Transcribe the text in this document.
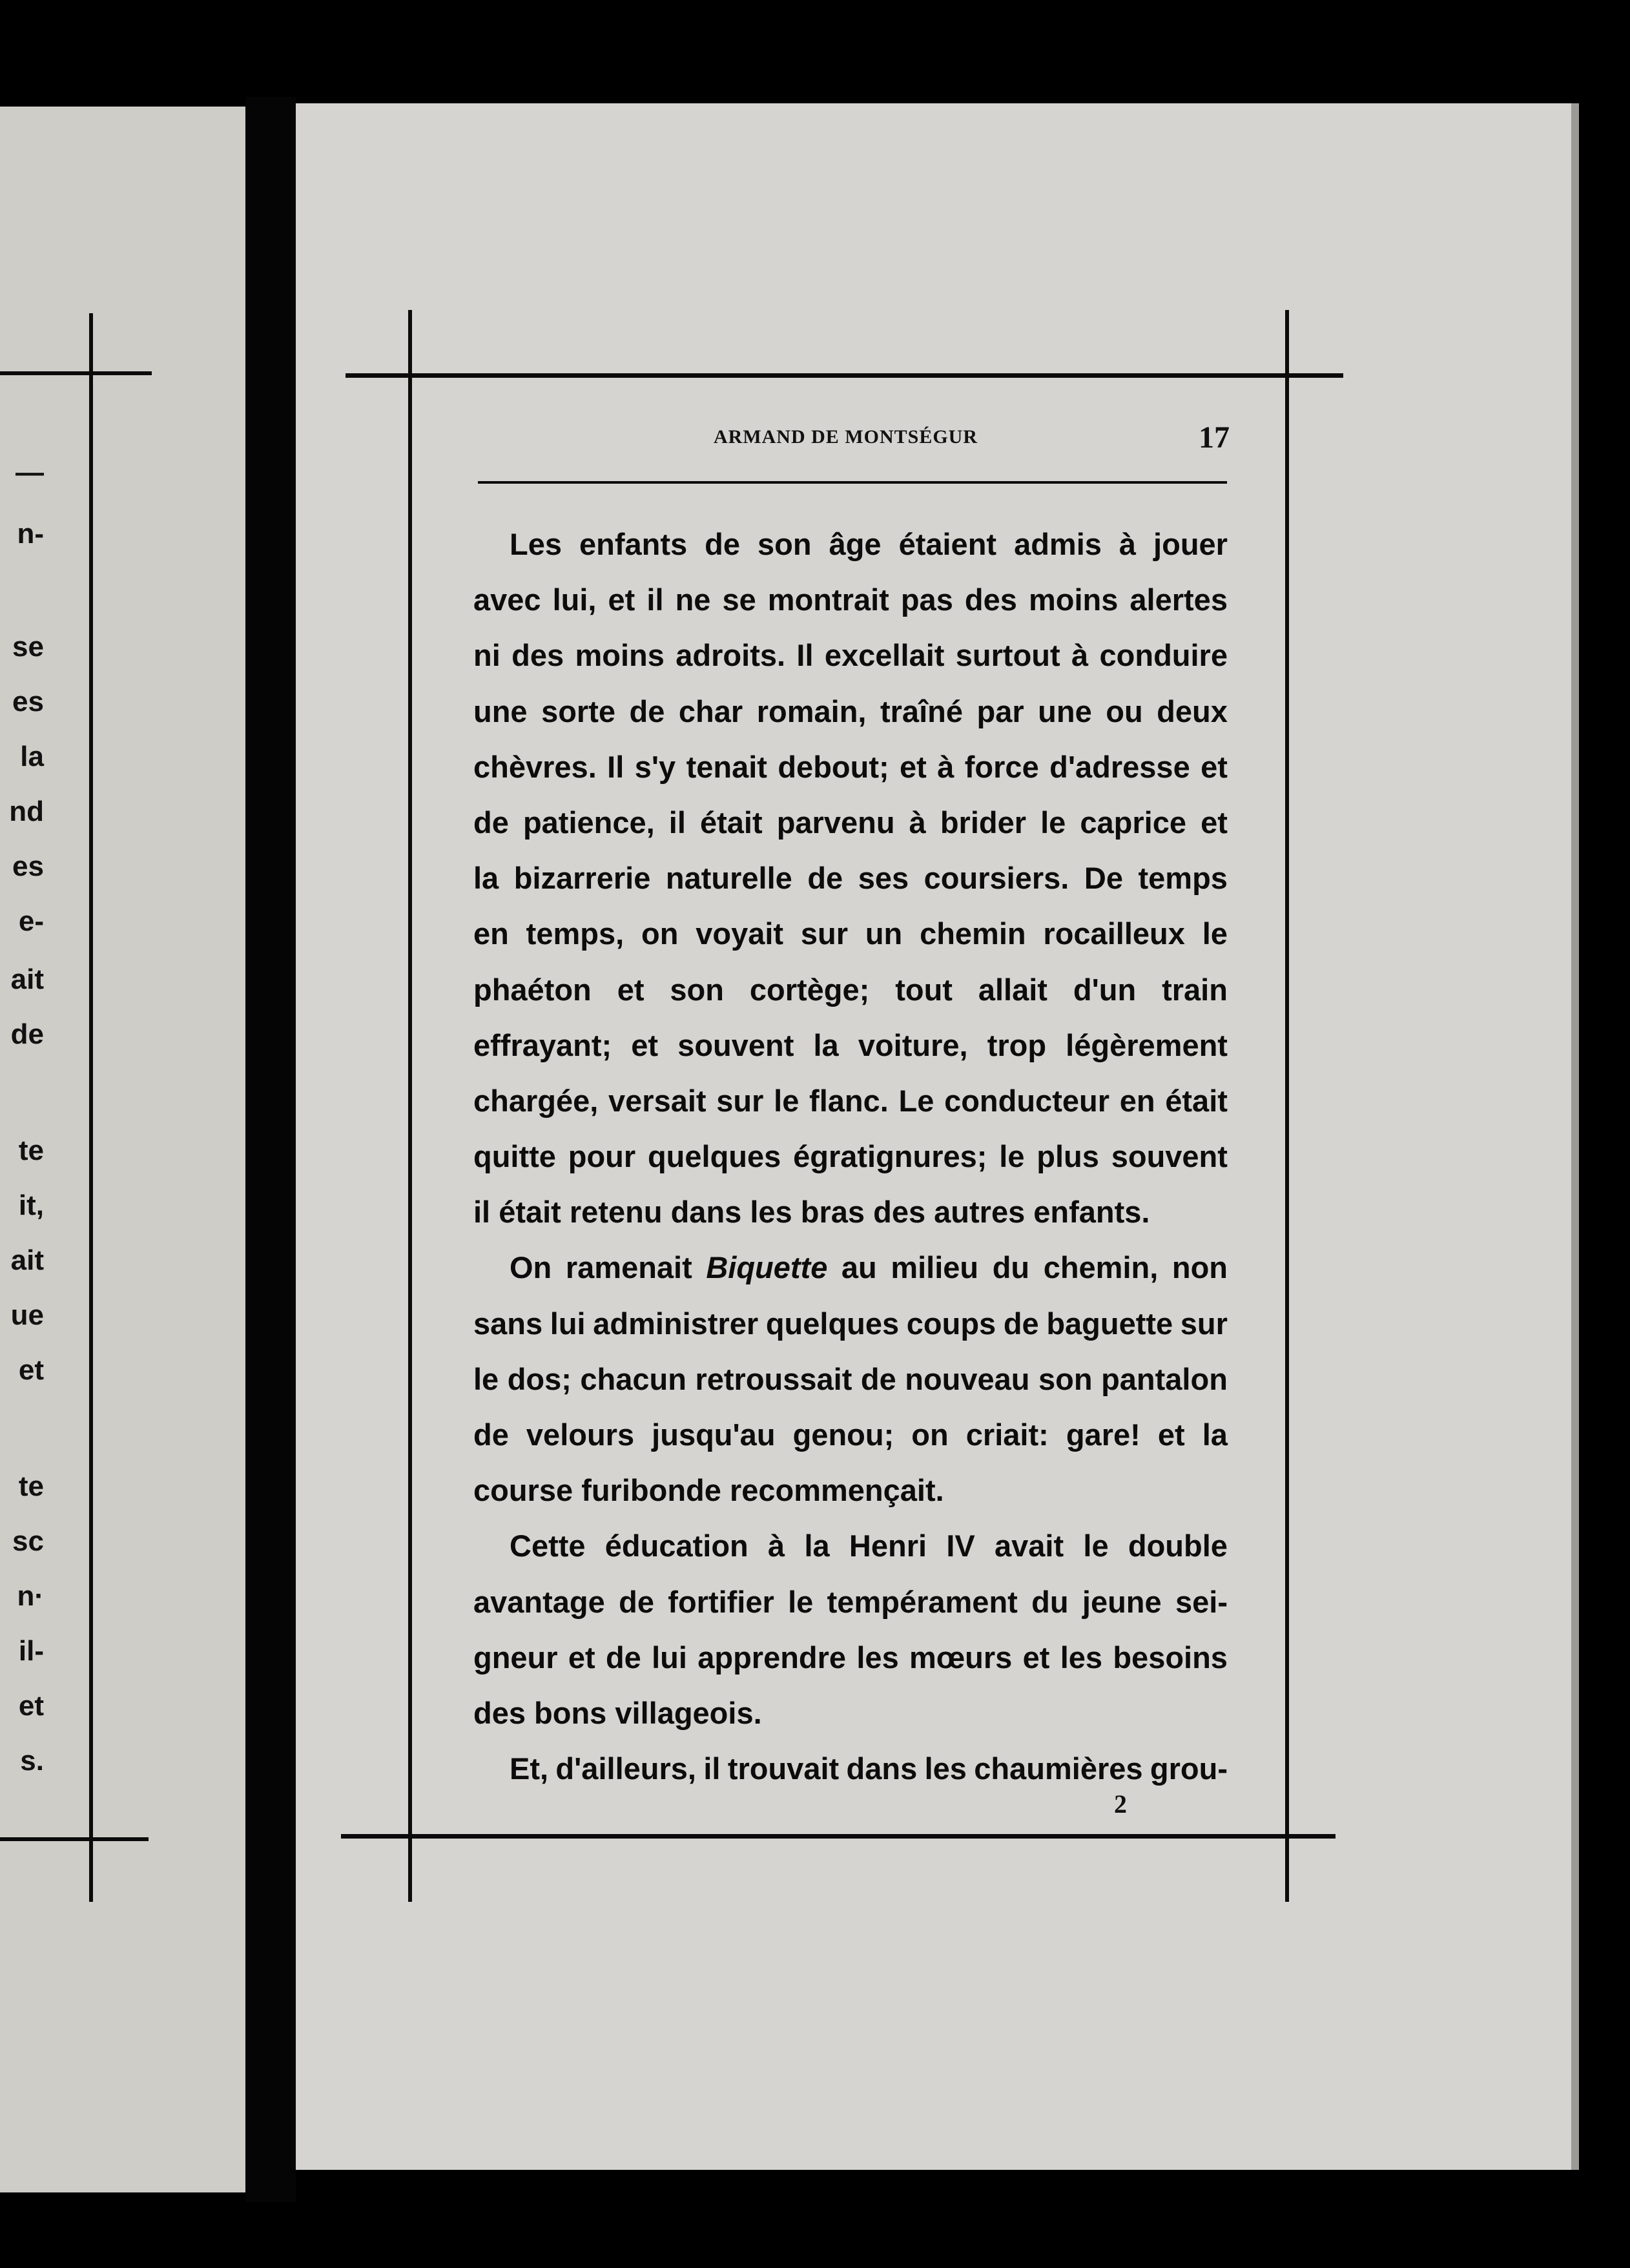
—
n-
se
es
la
nd
es
e-
ait
de
te
it,
ait
ue
et
te
sc
n·
il-
et
s.
ARMAND DE MONTSÉGUR	17
Les enfants de son âge étaient admis à jouer
avec lui, et il ne se montrait pas des moins alertes
ni des moins adroits. Il excellait surtout à conduire
une sorte de char romain, traîné par une ou deux
chèvres. Il s'y tenait debout; et à force d'adresse et
de patience, il était parvenu à brider le caprice et
la bizarrerie naturelle de ses coursiers. De temps
en temps, on voyait sur un chemin rocailleux le
phaéton et son cortège; tout allait d'un train
effrayant; et souvent la voiture, trop légèrement
chargée, versait sur le flanc. Le conducteur en était
quitte pour quelques égratignures; le plus souvent
il était retenu dans les bras des autres enfants.
On ramenait Biquette au milieu du chemin, non
sans lui administrer quelques coups de baguette sur
le dos; chacun retroussait de nouveau son pantalon
de velours jusqu'au genou; on criait: gare! et la
course furibonde recommençait.
Cette éducation à la Henri IV avait le double
avantage de fortifier le tempérament du jeune sei-
gneur et de lui apprendre les mœurs et les besoins
des bons villageois.
Et, d'ailleurs, il trouvait dans les chaumières grou-
2
